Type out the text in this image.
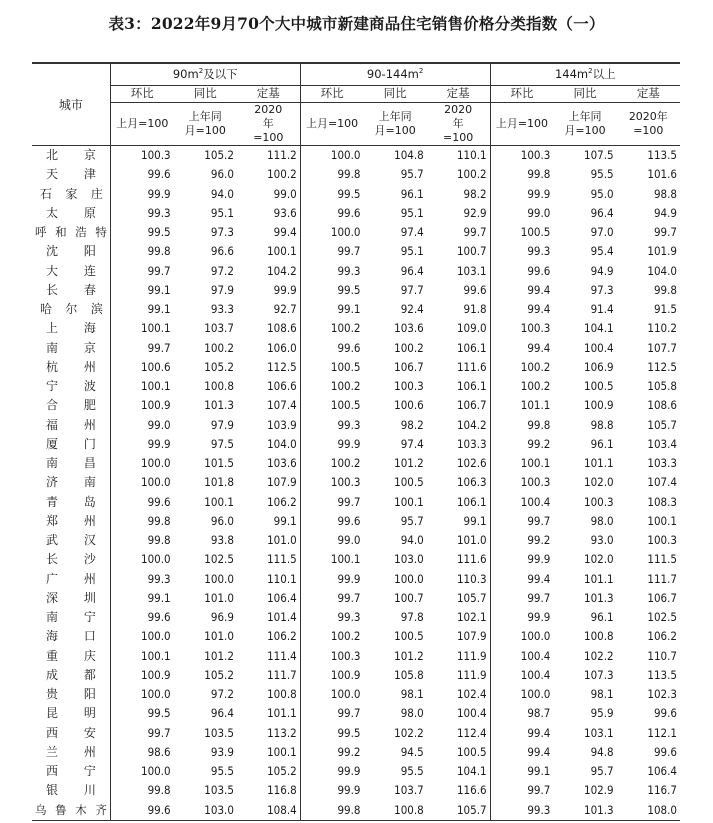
表3：2022年9月70个大中城市新建商品住宅销售价格分类指数（一）
城市	$90m^2$及以下			$90-144m^2$			$144m^2$以上		
	环比	同比	定基	环比	同比	定基	环比	同比	定基
	上月=100	上年同月=100	2020年=100	上月=100	上年同月=100	2020年=100	上月=100	上年同月=100	2020年=100
北京	100.3	105.2	111.2	100.0	104.8	110.1	100.3	107.5	113.5
天津	99.6	96.0	100.2	99.8	95.7	100.2	99.8	95.5	101.6
石家庄	99.9	94.0	99.0	99.5	96.1	98.2	99.9	95.0	98.8
太原	99.3	95.1	93.6	99.6	95.1	92.9	99.0	96.4	94.9
呼和浩特	99.5	97.3	99.4	100.0	97.4	99.7	100.5	97.0	99.7
沈阳	99.8	96.6	100.1	99.7	95.1	100.7	99.3	95.4	101.9
大连	99.7	97.2	104.2	99.3	96.4	103.1	99.6	94.9	104.0
长春	99.1	97.9	99.9	99.5	97.7	99.6	99.4	97.3	99.8
哈尔滨	99.1	93.3	92.7	99.1	92.4	91.8	99.4	91.4	91.5
上海	100.1	103.7	108.6	100.2	103.6	109.0	100.3	104.1	110.2
南京	99.7	100.2	106.0	99.6	100.2	106.1	99.4	100.4	107.7
杭州	100.6	105.2	112.5	100.5	106.7	111.6	100.2	106.9	112.5
宁波	100.1	100.8	106.6	100.2	100.3	106.1	100.2	100.5	105.8
合肥	100.9	101.3	107.4	100.5	100.6	106.7	101.1	100.9	108.6
福州	99.0	97.9	103.9	99.3	98.2	104.2	99.8	98.8	105.7
厦门	99.9	97.5	104.0	99.9	97.4	103.3	99.2	96.1	103.4
南昌	100.0	101.5	103.6	100.2	101.2	102.6	100.1	101.1	103.3
济南	100.0	101.8	107.9	100.3	100.5	106.3	100.3	102.0	107.4
青岛	99.6	100.1	106.2	99.7	100.1	106.1	100.4	100.3	108.3
郑州	99.8	96.0	99.1	99.6	95.7	99.1	99.7	98.0	100.1
武汉	99.8	93.8	101.0	99.0	94.0	101.0	99.2	93.0	100.3
长沙	100.0	102.5	111.5	100.1	103.0	111.6	99.9	102.0	111.5
广州	99.3	100.0	110.1	99.9	100.0	110.3	99.4	101.1	111.7
深圳	99.1	101.0	106.4	99.7	100.7	105.7	99.7	101.3	106.7
南宁	99.6	96.9	101.4	99.3	97.8	102.1	99.9	96.1	102.5
海口	100.0	101.0	106.2	100.2	100.5	107.9	100.0	100.8	106.2
重庆	100.1	101.2	111.4	100.3	101.2	111.9	100.4	102.2	110.7
成都	100.9	105.2	111.7	100.9	105.8	111.9	100.4	107.3	113.5
贵阳	100.0	97.2	100.8	100.0	98.1	102.4	100.0	98.1	102.3
昆明	99.5	96.4	101.1	99.7	98.0	100.4	98.7	95.9	99.6
西安	99.7	103.5	113.2	99.5	102.2	112.4	99.4	103.1	112.1
兰州	98.6	93.9	100.1	99.2	94.5	100.5	99.4	94.8	99.6
西宁	100.0	95.5	105.2	99.9	95.5	104.1	99.1	95.7	106.4
银川	99.8	103.5	116.8	99.9	103.7	116.6	99.7	102.9	116.7
乌鲁木齐	99.6	103.0	108.4	99.8	100.8	105.7	99.3	101.3	108.0
